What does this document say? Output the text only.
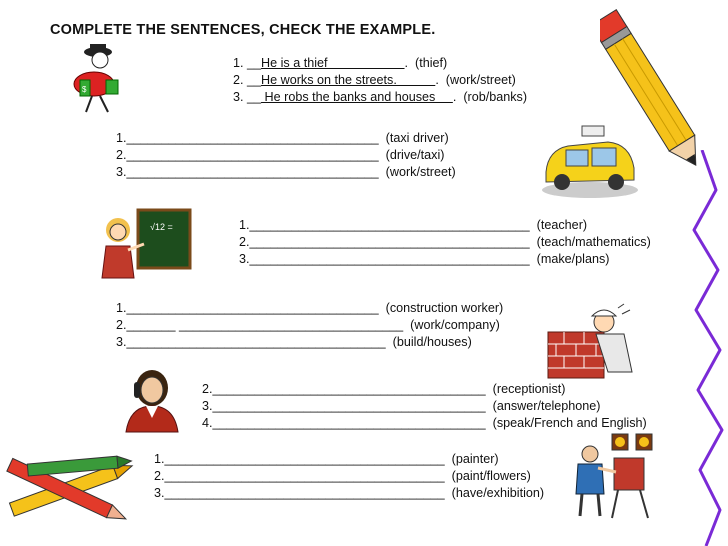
COMPLETE THE SENTENCES, CHECK THE EXAMPLE.
1. __He is a thief                      .  (thief)
2. __He works on the streets.           .  (work/street)
3. __ He robs the banks and houses     .  (rob/banks)
1.____________________________________  (taxi driver)
2.____________________________________  (drive/taxi)
3.____________________________________  (work/street)
1.________________________________________  (teacher)
2.________________________________________  (teach/mathematics)
3.________________________________________  (make/plans)
1.____________________________________  (construction worker)
2._______ ________________________________  (work/company)
3._____________________________________  (build/houses)
2._______________________________________  (receptionist)
3._______________________________________  (answer/telephone)
4._______________________________________  (speak/French and English)
1.________________________________________  (painter)
2.________________________________________  (paint/flowers)
3.________________________________________  (have/exhibition)
$
√12 =
